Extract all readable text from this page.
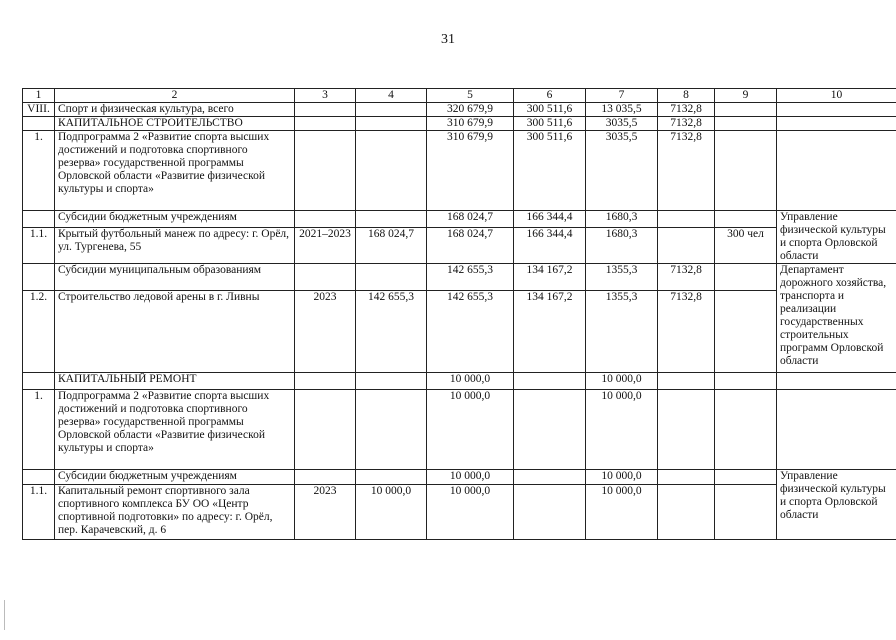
31
1	2	3	4	5	6	7	8	9	10
VIII.	Спорт и физическая культура, всего			320 679,9	300 511,6	13 035,5	7132,8		
	КАПИТАЛЬНОЕ СТРОИТЕЛЬСТВО			310 679,9	300 511,6	3035,5	7132,8		
1.	Подпрограмма 2 «Развитие спорта высших достижений и подготовка спортивного резерва» государственной программы Орловской области «Развитие физической культуры и спорта»			310 679,9	300 511,6	3035,5	7132,8		
	Субсидии бюджетным учреждениям			168 024,7	166 344,4	1680,3			Управление физической культуры и спорта Орловской области
1.1.	Крытый футбольный манеж по адресу: г. Орёл, ул. Тургенева, 55	2021–2023	168 024,7	168 024,7	166 344,4	1680,3		300 чел	
	Субсидии муниципальным образованиям			142 655,3	134 167,2	1355,3	7132,8		Департамент дорожного хозяйства, транспорта и реализации государственных строительных программ Орловской области
1.2.	Строительство ледовой арены в г. Ливны	2023	142 655,3	142 655,3	134 167,2	1355,3	7132,8		
	КАПИТАЛЬНЫЙ РЕМОНТ			10 000,0		10 000,0			
1.	Подпрограмма 2 «Развитие спорта высших достижений и подготовка спортивного резерва» государственной программы Орловской области «Развитие физической культуры и спорта»			10 000,0		10 000,0			
	Субсидии бюджетным учреждениям			10 000,0		10 000,0			Управление физической культуры и спорта Орловской области
1.1.	Капитальный ремонт спортивного зала спортивного комплекса БУ ОО «Центр спортивной подготовки» по адресу: г. Орёл, пер. Карачевский, д. 6	2023	10 000,0	10 000,0		10 000,0			
